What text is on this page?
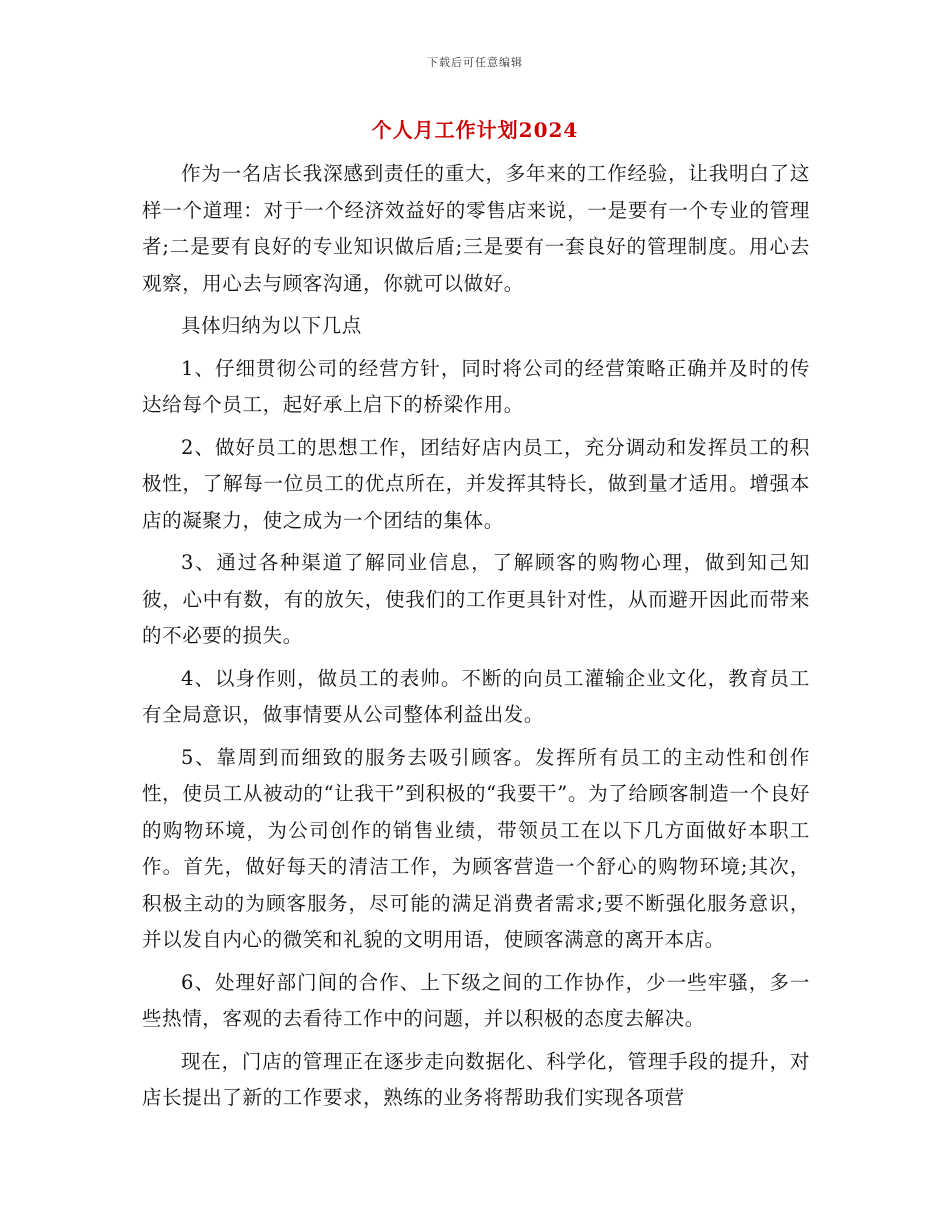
下载后可任意编辑
个人月工作计划2024

作为一名店长我深感到责任的重大，多年来的工作经验，让我明白了这样一个道理：对于一个经济效益好的零售店来说，一是要有一个专业的管理者;二是要有良好的专业知识做后盾;三是要有一套良好的管理制度。用心去观察，用心去与顾客沟通，你就可以做好。

具体归纳为以下几点

1、仔细贯彻公司的经营方针，同时将公司的经营策略正确并及时的传达给每个员工，起好承上启下的桥梁作用。

2、做好员工的思想工作，团结好店内员工，充分调动和发挥员工的积极性，了解每一位员工的优点所在，并发挥其特长，做到量才适用。增强本店的凝聚力，使之成为一个团结的集体。

3、通过各种渠道了解同业信息，了解顾客的购物心理，做到知己知彼，心中有数，有的放矢，使我们的工作更具针对性，从而避开因此而带来的不必要的损失。

4、以身作则，做员工的表帅。不断的向员工灌输企业文化，教育员工有全局意识，做事情要从公司整体利益出发。

5、靠周到而细致的服务去吸引顾客。发挥所有员工的主动性和创作性，使员工从被动的“让我干”到积极的“我要干”。为了给顾客制造一个良好的购物环境，为公司创作的销售业绩，带领员工在以下几方面做好本职工作。首先，做好每天的清洁工作，为顾客营造一个舒心的购物环境;其次，积极主动的为顾客服务，尽可能的满足消费者需求;要不断强化服务意识，并以发自内心的微笑和礼貌的文明用语，使顾客满意的离开本店。

6、处理好部门间的合作、上下级之间的工作协作，少一些牢骚，多一些热情，客观的去看待工作中的问题，并以积极的态度去解决。

现在，门店的管理正在逐步走向数据化、科学化，管理手段的提升，对店长提出了新的工作要求，熟练的业务将帮助我们实现各项营
